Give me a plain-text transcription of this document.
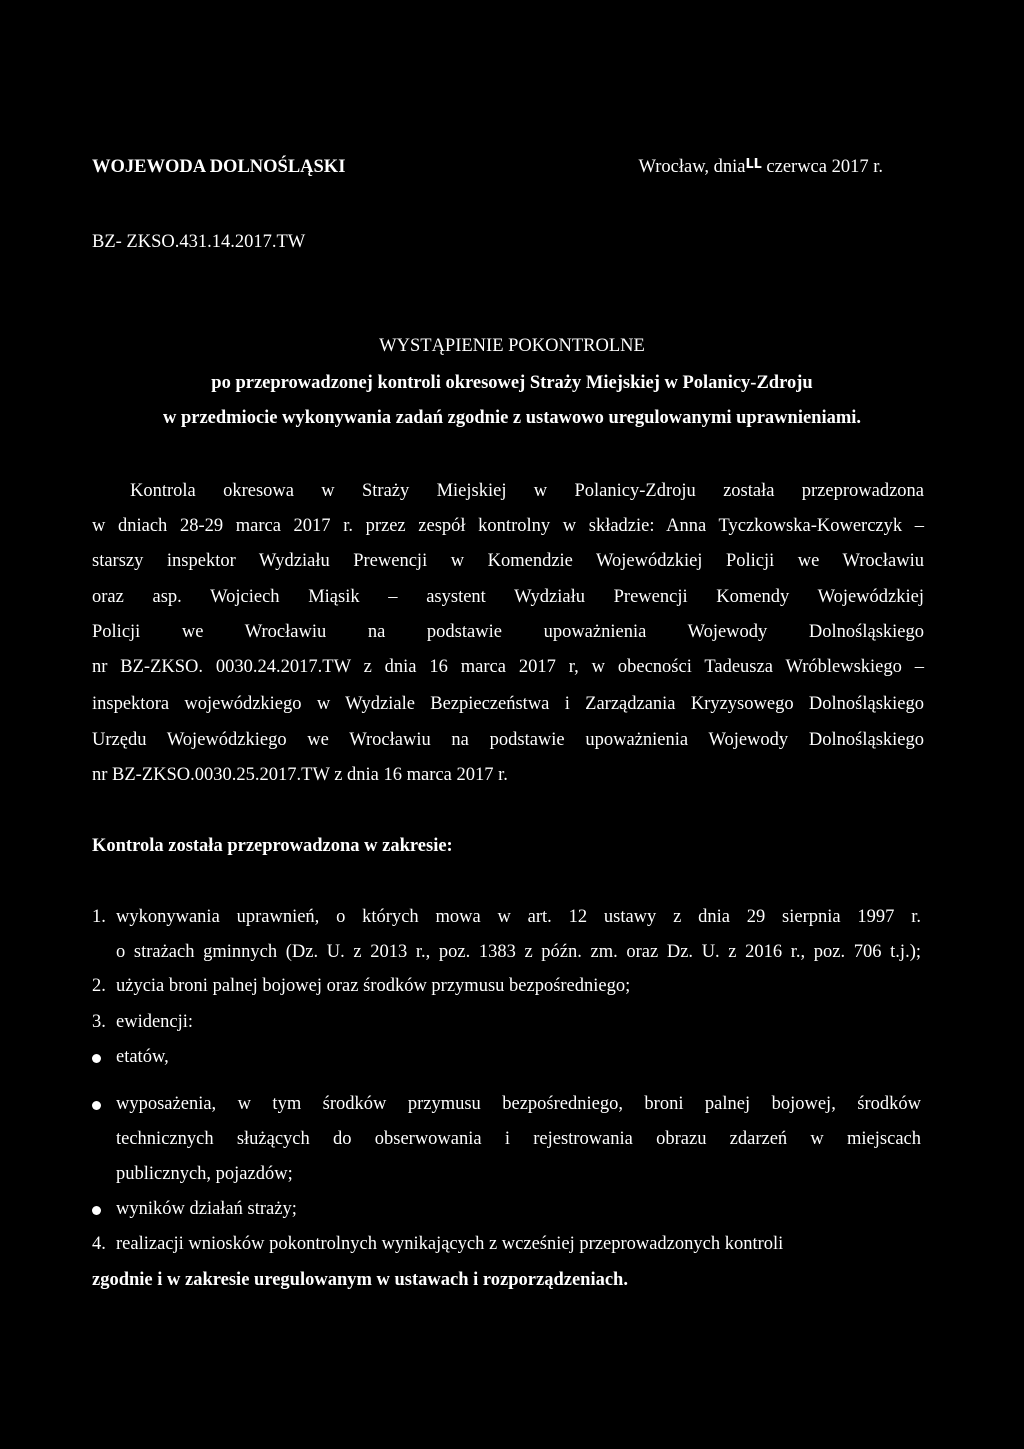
WOJEWODA DOLNOŚLĄSKI	Wrocław, dniaᒪᒪ czerwca 2017 r.
BZ- ZKSO.431.14.2017.TW
WYSTĄPIENIE POKONTROLNE
po przeprowadzonej kontroli okresowej Straży Miejskiej w Polanicy-Zdroju
w przedmiocie wykonywania zadań zgodnie z ustawowo uregulowanymi uprawnieniami.
Kontrola okresowa w Straży Miejskiej w Polanicy-Zdroju została przeprowadzona
w dniach 28-29 marca 2017 r. przez zespół kontrolny w składzie: Anna Tyczkowska-Kowerczyk –
starszy inspektor Wydziału Prewencji w Komendzie Wojewódzkiej Policji we Wrocławiu
oraz asp. Wojciech Miąsik – asystent Wydziału Prewencji Komendy Wojewódzkiej
Policji we Wrocławiu na podstawie upoważnienia Wojewody Dolnośląskiego
nr BZ-ZKSO. 0030.24.2017.TW z dnia 16 marca 2017 r, w obecności Tadeusza Wróblewskiego –
inspektora wojewódzkiego w Wydziale Bezpieczeństwa i Zarządzania Kryzysowego Dolnośląskiego
Urzędu Wojewódzkiego we Wrocławiu na podstawie upoważnienia Wojewody Dolnośląskiego
nr BZ-ZKSO.0030.25.2017.TW z dnia 16 marca 2017 r.
Kontrola została przeprowadzona w zakresie:
1. wykonywania uprawnień, o których mowa w art. 12 ustawy z dnia 29 sierpnia 1997 r.
o strażach gminnych (Dz. U. z 2013 r., poz. 1383 z późn. zm. oraz Dz. U. z 2016 r., poz. 706 t.j.);
2. użycia broni palnej bojowej oraz środków przymusu bezpośredniego;
3. ewidencji:
etatów,
wyposażenia, w tym środków przymusu bezpośredniego, broni palnej bojowej, środków
technicznych służących do obserwowania i rejestrowania obrazu zdarzeń w miejscach
publicznych, pojazdów;
wyników działań straży;
4. realizacji wniosków pokontrolnych wynikających z wcześniej przeprowadzonych kontroli
zgodnie i w zakresie uregulowanym w ustawach i rozporządzeniach.
